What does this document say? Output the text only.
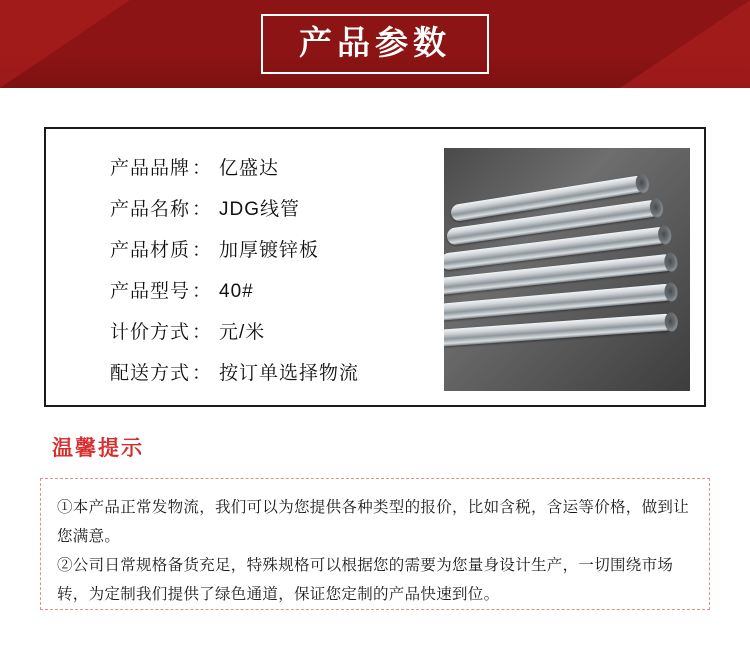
产品参数
产品品牌 ： 亿盛达
产品名称 ： JDG线管
产品材质 ： 加厚镀锌板
产品型号 ： 40#
计价方式 ： 元/米
配送方式 ： 按订单选择物流
温馨提示
①本产品正常发物流，我们可以为您提供各种类型的报价，比如含税，含运等价格，做到让您满意。
②公司日常规格备货充足，特殊规格可以根据您的需要为您量身设计生产，一切围绕市场转，为定制我们提供了绿色通道，保证您定制的产品快速到位。
